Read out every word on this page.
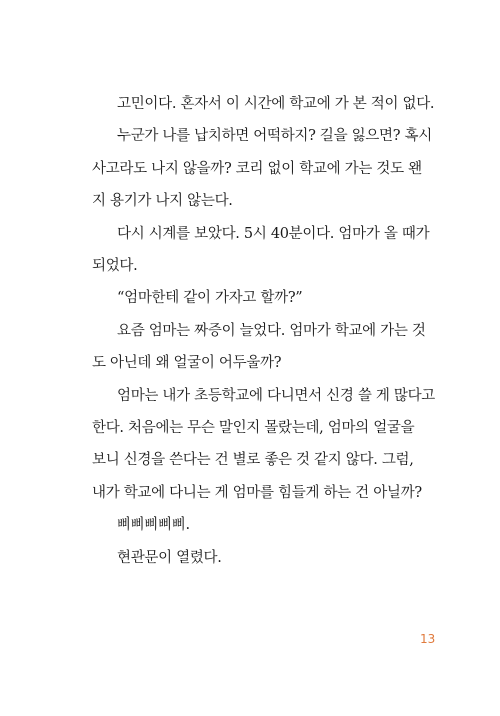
고민이다. 혼자서 이 시간에 학교에 가 본 적이 없다.

누군가 나를 납치하면 어떡하지? 길을 잃으면? 혹시
사고라도 나지 않을까? 코리 없이 학교에 가는 것도 왠
지 용기가 나지 않는다.

다시 시계를 보았다. 5시 40분이다. 엄마가 올 때가
되었다.

“엄마한테 같이 가자고 할까?”

요즘 엄마는 짜증이 늘었다. 엄마가 학교에 가는 것
도 아닌데 왜 얼굴이 어두울까?

엄마는 내가 초등학교에 다니면서 신경 쓸 게 많다고
한다. 처음에는 무슨 말인지 몰랐는데, 엄마의 얼굴을
보니 신경을 쓴다는 건 별로 좋은 것 같지 않다. 그럼,
내가 학교에 다니는 게 엄마를 힘들게 하는 건 아닐까?

삐삐삐삐삐.

현관문이 열렸다.

13
